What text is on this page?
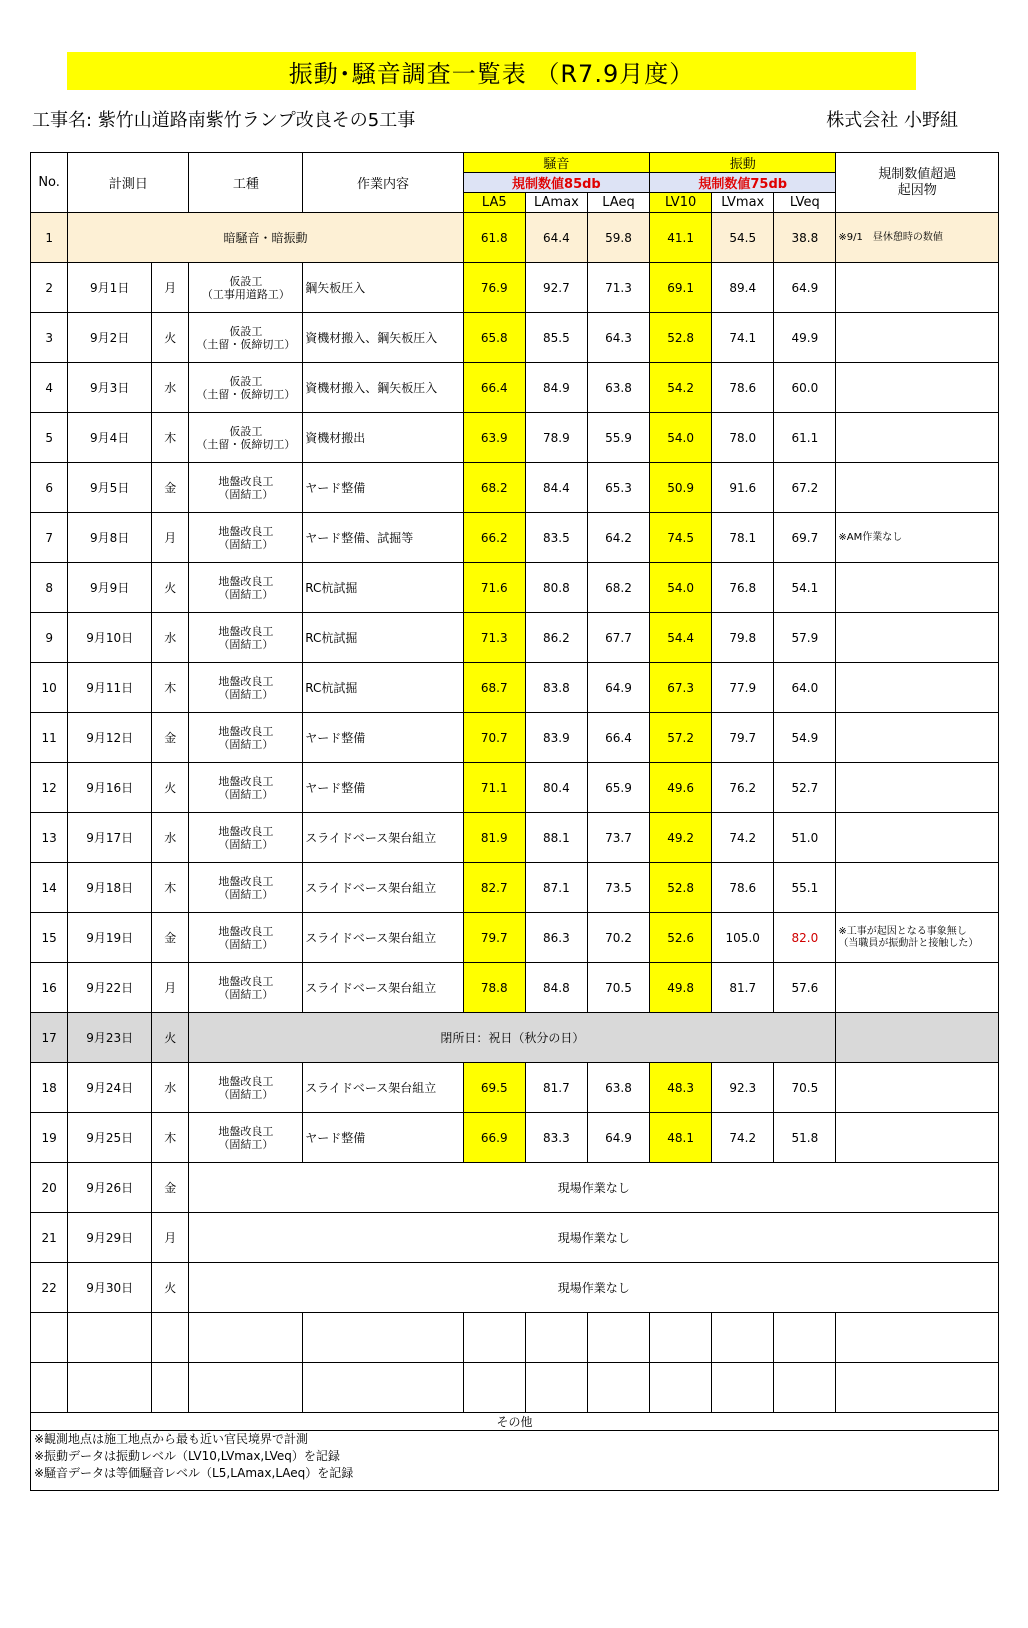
振動･騒音調査一覧表 （R7.9月度）
工事名: 紫竹山道路南紫竹ランプ改良その5工事	株式会社 小野組
No.	計測日		工種	作業内容	騒音			振動			規制数値超過
起因物
					規制数値85db			規制数値75db			
					LA5	LAmax	LAeq	LV10	LVmax	LVeq	
1	暗騒音・暗振動				61.8	64.4	59.8	41.1	54.5	38.8	※9/1　昼休憩時の数値
2	9月1日	月	仮設工
（工事用道路工）	鋼矢板圧入	76.9	92.7	71.3	69.1	89.4	64.9	
3	9月2日	火	仮設工
（土留・仮締切工）	資機材搬入、鋼矢板圧入	65.8	85.5	64.3	52.8	74.1	49.9	
4	9月3日	水	仮設工
（土留・仮締切工）	資機材搬入、鋼矢板圧入	66.4	84.9	63.8	54.2	78.6	60.0	
5	9月4日	木	仮設工
（土留・仮締切工）	資機材搬出	63.9	78.9	55.9	54.0	78.0	61.1	
6	9月5日	金	地盤改良工
（固結工）	ヤード整備	68.2	84.4	65.3	50.9	91.6	67.2	
7	9月8日	月	地盤改良工
（固結工）	ヤード整備、試掘等	66.2	83.5	64.2	74.5	78.1	69.7	※AM作業なし
8	9月9日	火	地盤改良工
（固結工）	RC杭試掘	71.6	80.8	68.2	54.0	76.8	54.1	
9	9月10日	水	地盤改良工
（固結工）	RC杭試掘	71.3	86.2	67.7	54.4	79.8	57.9	
10	9月11日	木	地盤改良工
（固結工）	RC杭試掘	68.7	83.8	64.9	67.3	77.9	64.0	
11	9月12日	金	地盤改良工
（固結工）	ヤード整備	70.7	83.9	66.4	57.2	79.7	54.9	
12	9月16日	火	地盤改良工
（固結工）	ヤード整備	71.1	80.4	65.9	49.6	76.2	52.7	
13	9月17日	水	地盤改良工
（固結工）	スライドベース架台組立	81.9	88.1	73.7	49.2	74.2	51.0	
14	9月18日	木	地盤改良工
（固結工）	スライドベース架台組立	82.7	87.1	73.5	52.8	78.6	55.1	
15	9月19日	金	地盤改良工
（固結工）	スライドベース架台組立	79.7	86.3	70.2	52.6	105.0	82.0	※工事が起因となる事象無し
（当職員が振動計と接触した）
16	9月22日	月	地盤改良工
（固結工）	スライドベース架台組立	78.8	84.8	70.5	49.8	81.7	57.6	
17	9月23日	火	閉所日：祝日（秋分の日）								
18	9月24日	水	地盤改良工
（固結工）	スライドベース架台組立	69.5	81.7	63.8	48.3	92.3	70.5	
19	9月25日	木	地盤改良工
（固結工）	ヤード整備	66.9	83.3	64.9	48.1	74.2	51.8	
20	9月26日	金	現場作業なし								
21	9月29日	月	現場作業なし								
22	9月30日	火	現場作業なし								

その他											

※観測地点は施工地点から最も近い官民境界で計測
※振動データは振動レベル（LV10,LVmax,LVeq）を記録
※騒音データは等価騒音レベル（L5,LAmax,LAeq）を記録											
